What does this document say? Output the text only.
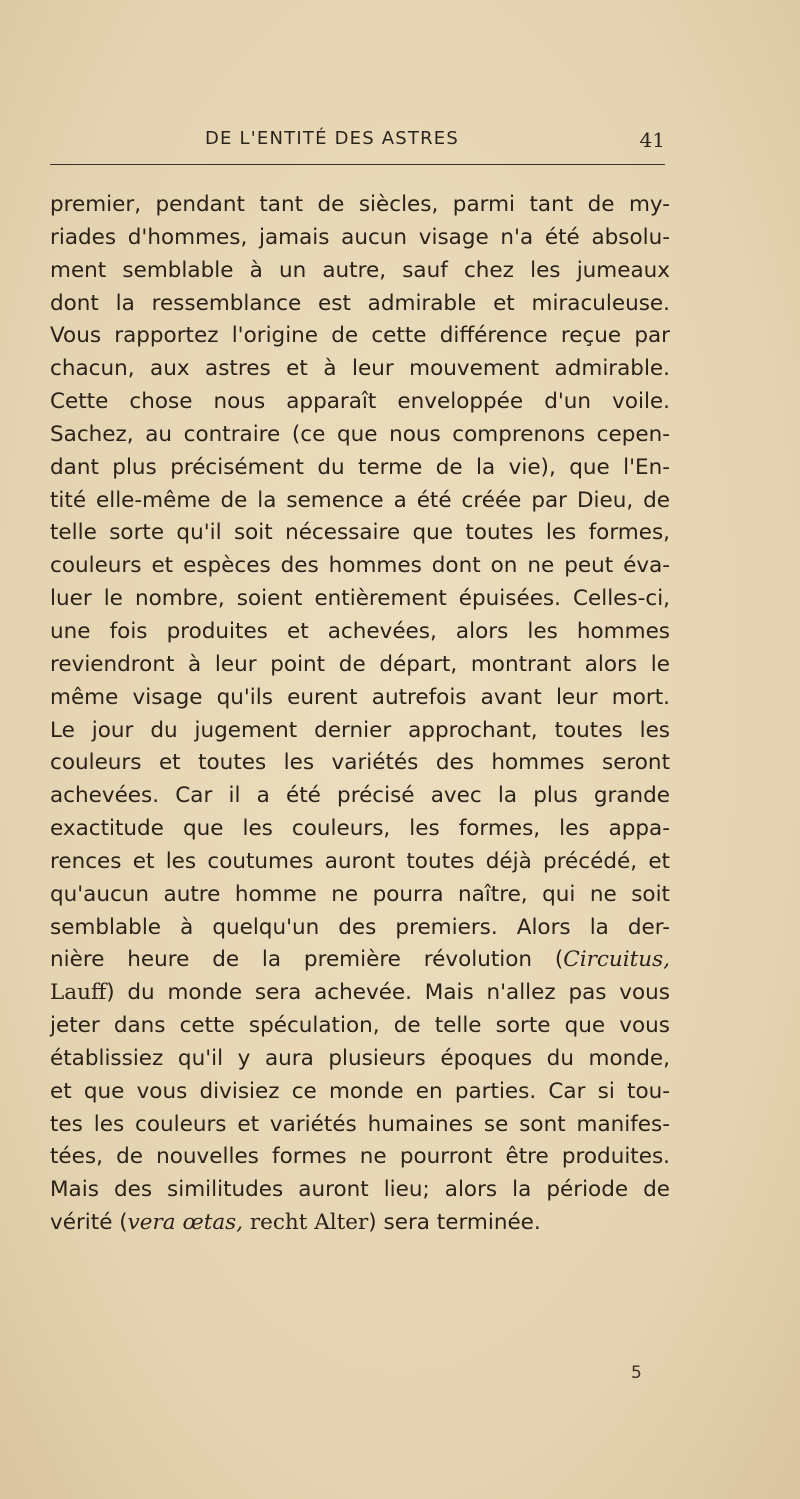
DE L'ENTITÉ DES ASTRES	41
premier, pendant tant de siècles, parmi tant de my-
riades d'hommes, jamais aucun visage n'a été absolu-
ment semblable à un autre, sauf chez les jumeaux
dont la ressemblance est admirable et miraculeuse.
Vous rapportez l'origine de cette différence reçue par
chacun, aux astres et à leur mouvement admirable.
Cette chose nous apparaît enveloppée d'un voile.
Sachez, au contraire (ce que nous comprenons cepen-
dant plus précisément du terme de la vie), que l'En-
tité elle-même de la semence a été créée par Dieu, de
telle sorte qu'il soit nécessaire que toutes les formes,
couleurs et espèces des hommes dont on ne peut éva-
luer le nombre, soient entièrement épuisées. Celles-ci,
une fois produites et achevées, alors les hommes
reviendront à leur point de départ, montrant alors le
même visage qu'ils eurent autrefois avant leur mort.
Le jour du jugement dernier approchant, toutes les
couleurs et toutes les variétés des hommes seront
achevées. Car il a été précisé avec la plus grande
exactitude que les couleurs, les formes, les appa-
rences et les coutumes auront toutes déjà précédé, et
qu'aucun autre homme ne pourra naître, qui ne soit
semblable à quelqu'un des premiers. Alors la der-
nière heure de la première révolution (Circuitus,
Lauff) du monde sera achevée. Mais n'allez pas vous
jeter dans cette spéculation, de telle sorte que vous
établissiez qu'il y aura plusieurs époques du monde,
et que vous divisiez ce monde en parties. Car si tou-
tes les couleurs et variétés humaines se sont manifes-
tées, de nouvelles formes ne pourront être produites.
Mais des similitudes auront lieu; alors la période de
vérité (vera œtas, recht Alter) sera terminée.
5
